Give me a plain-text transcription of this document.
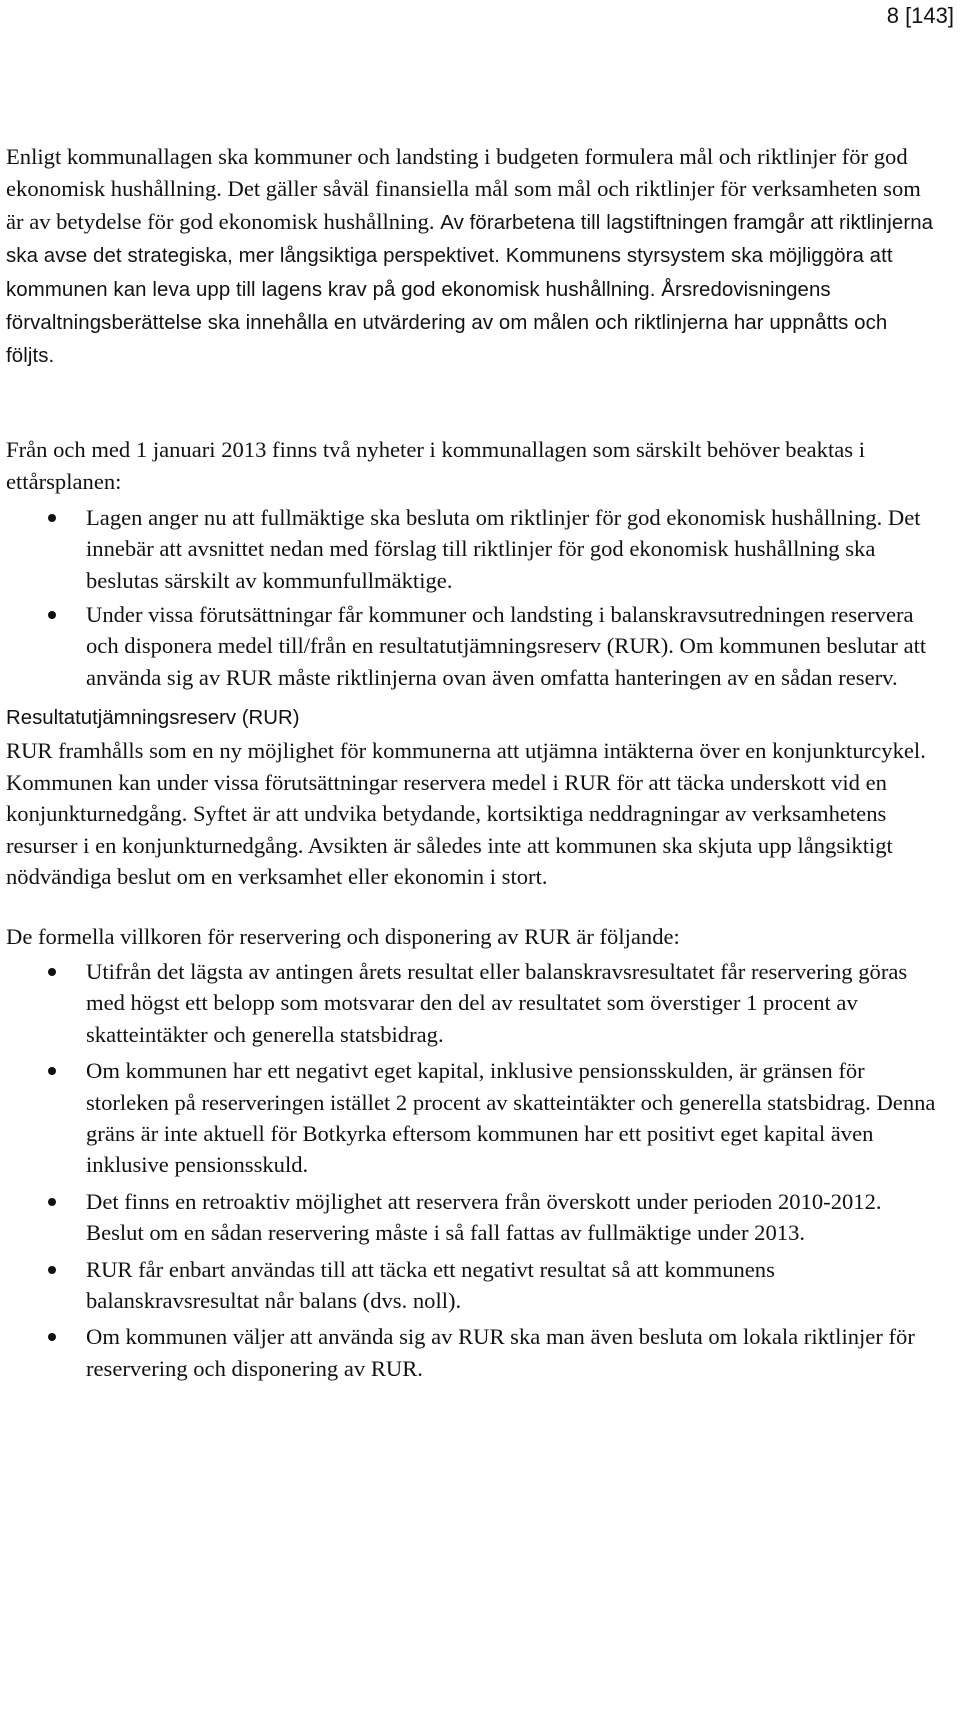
8 [143]

Enligt kommunallagen ska kommuner och landsting i budgeten formulera mål och riktlinjer för god ekonomisk hushållning. Det gäller såväl finansiella mål som mål och riktlinjer för verksamheten som är av betydelse för god ekonomisk hushållning. Av förarbetena till lagstiftningen framgår att riktlinjerna ska avse det strategiska, mer långsiktiga perspektivet. Kommunens styrsystem ska möjliggöra att kommunen kan leva upp till lagens krav på god ekonomisk hushållning. Årsredovisningens förvaltningsberättelse ska innehålla en utvärdering av om målen och riktlinjerna har uppnåtts och följts.

Från och med 1 januari 2013 finns två nyheter i kommunallagen som särskilt behöver beaktas i ettårsplanen:

Lagen anger nu att fullmäktige ska besluta om riktlinjer för god ekonomisk hushållning. Det innebär att avsnittet nedan med förslag till riktlinjer för god ekonomisk hushållning ska beslutas särskilt av kommunfullmäktige.
Under vissa förutsättningar får kommuner och landsting i balanskravsutredningen reservera och disponera medel till/från en resultatutjämningsreserv (RUR). Om kommunen beslutar att använda sig av RUR måste riktlinjerna ovan även omfatta hanteringen av en sådan reserv.
Resultatutjämningsreserv (RUR)

RUR framhålls som en ny möjlighet för kommunerna att utjämna intäkterna över en konjunkturcykel. Kommunen kan under vissa förutsättningar reservera medel i RUR för att täcka underskott vid en konjunkturnedgång. Syftet är att undvika betydande, kortsiktiga neddragningar av verksamhetens resurser i en konjunkturnedgång. Avsikten är således inte att kommunen ska skjuta upp långsiktigt nödvändiga beslut om en verksamhet eller ekonomin i stort.

De formella villkoren för reservering och disponering av RUR är följande:

Utifrån det lägsta av antingen årets resultat eller balanskravsresultatet får reservering göras med högst ett belopp som motsvarar den del av resultatet som överstiger 1 procent av skatteintäkter och generella statsbidrag.
Om kommunen har ett negativt eget kapital, inklusive pensionsskulden, är gränsen för storleken på reserveringen istället 2 procent av skatteintäkter och generella statsbidrag. Denna gräns är inte aktuell för Botkyrka eftersom kommunen har ett positivt eget kapital även inklusive pensionsskuld.
Det finns en retroaktiv möjlighet att reservera från överskott under perioden 2010-2012. Beslut om en sådan reservering måste i så fall fattas av fullmäktige under 2013.
RUR får enbart användas till att täcka ett negativt resultat så att kommunens balanskravsresultat når balans (dvs. noll).
Om kommunen väljer att använda sig av RUR ska man även besluta om lokala riktlinjer för reservering och disponering av RUR.
